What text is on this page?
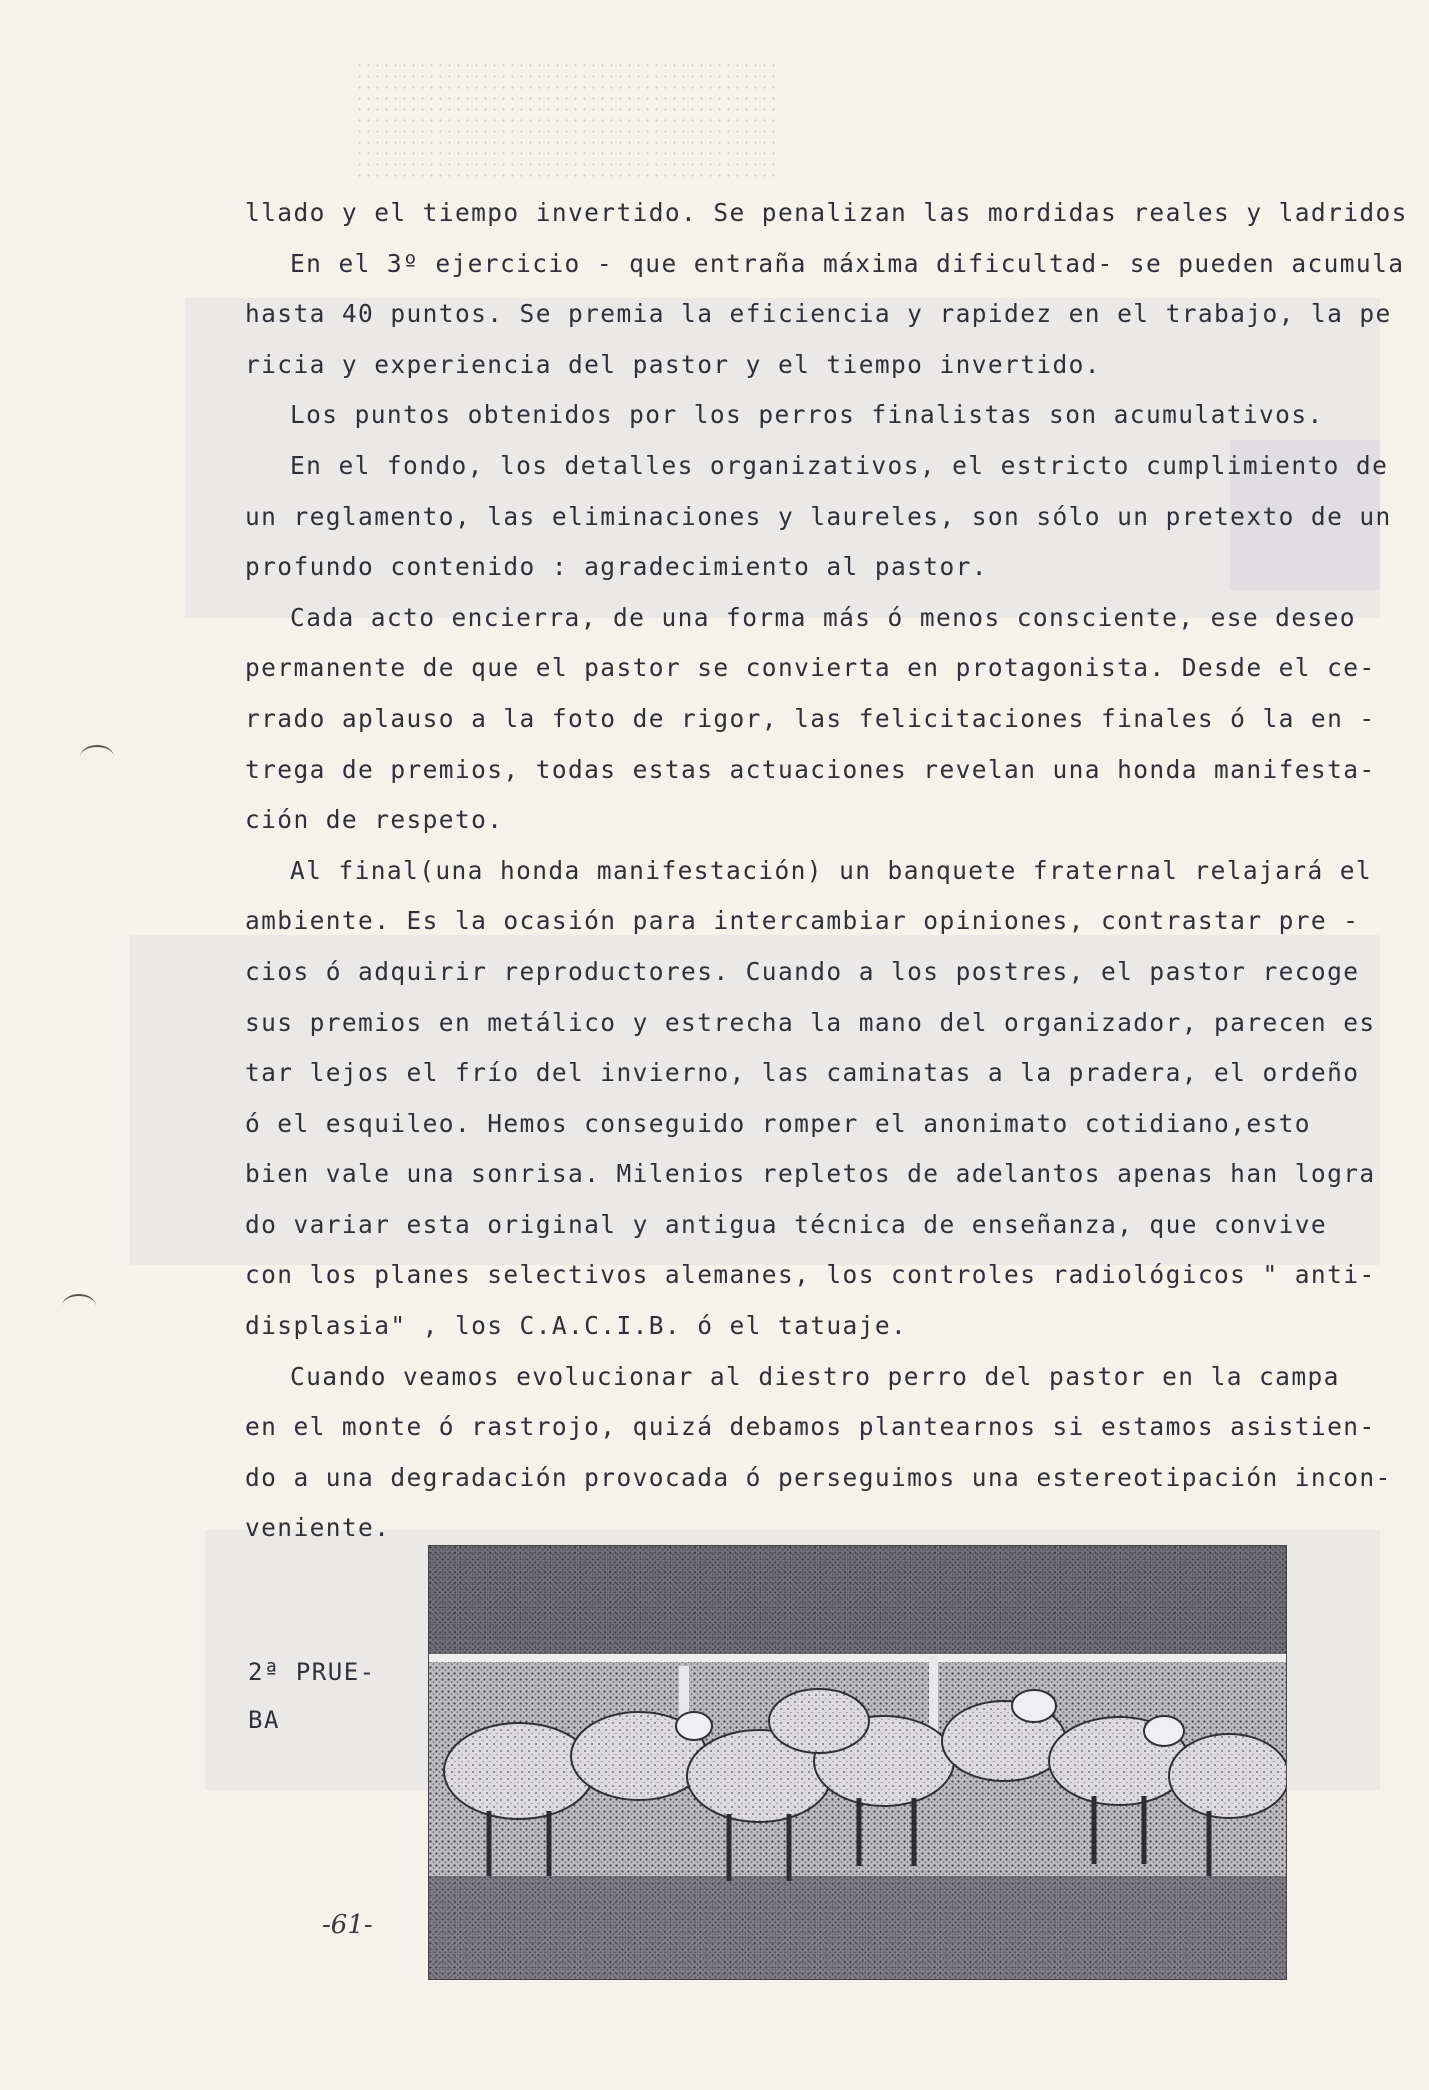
llado y el tiempo invertido. Se penalizan las mordidas reales y ladridos
En el 3º ejercicio - que entraña máxima dificultad- se pueden acumula
hasta 40 puntos. Se premia la eficiencia y rapidez en el trabajo, la pe
ricia y experiencia del pastor y el tiempo invertido.
Los puntos obtenidos por los perros finalistas son acumulativos.
En el fondo, los detalles organizativos, el estricto cumplimiento de
un reglamento, las eliminaciones y laureles, son sólo un pretexto de un
profundo contenido : agradecimiento al pastor.
Cada acto encierra, de una forma más ó menos consciente, ese deseo
permanente de que el pastor se convierta en protagonista. Desde el ce-
rrado aplauso a la foto de rigor, las felicitaciones finales ó la en -
trega de premios, todas estas actuaciones revelan una honda manifesta-
ción de respeto.
Al final(una honda manifestación) un banquete fraternal relajará el
ambiente. Es la ocasión para intercambiar opiniones, contrastar pre -
cios ó adquirir reproductores. Cuando a los postres, el pastor recoge
sus premios en metálico y estrecha la mano del organizador, parecen es
tar lejos el frío del invierno, las caminatas a la pradera, el ordeño
ó el esquileo. Hemos conseguido romper el anonimato cotidiano,esto
bien vale una sonrisa. Milenios repletos de adelantos apenas han logra
do variar esta original y antigua técnica de enseñanza, que convive
con los planes selectivos alemanes, los controles radiológicos " anti-
displasia" , los C.A.C.I.B. ó el tatuaje.
Cuando veamos evolucionar al diestro perro del pastor en la campa
en el monte ó rastrojo, quizá debamos plantearnos si estamos asistien-
do a una degradación provocada ó perseguimos una estereotipación incon-
veniente.
2ª PRUE-
BA
-61-
